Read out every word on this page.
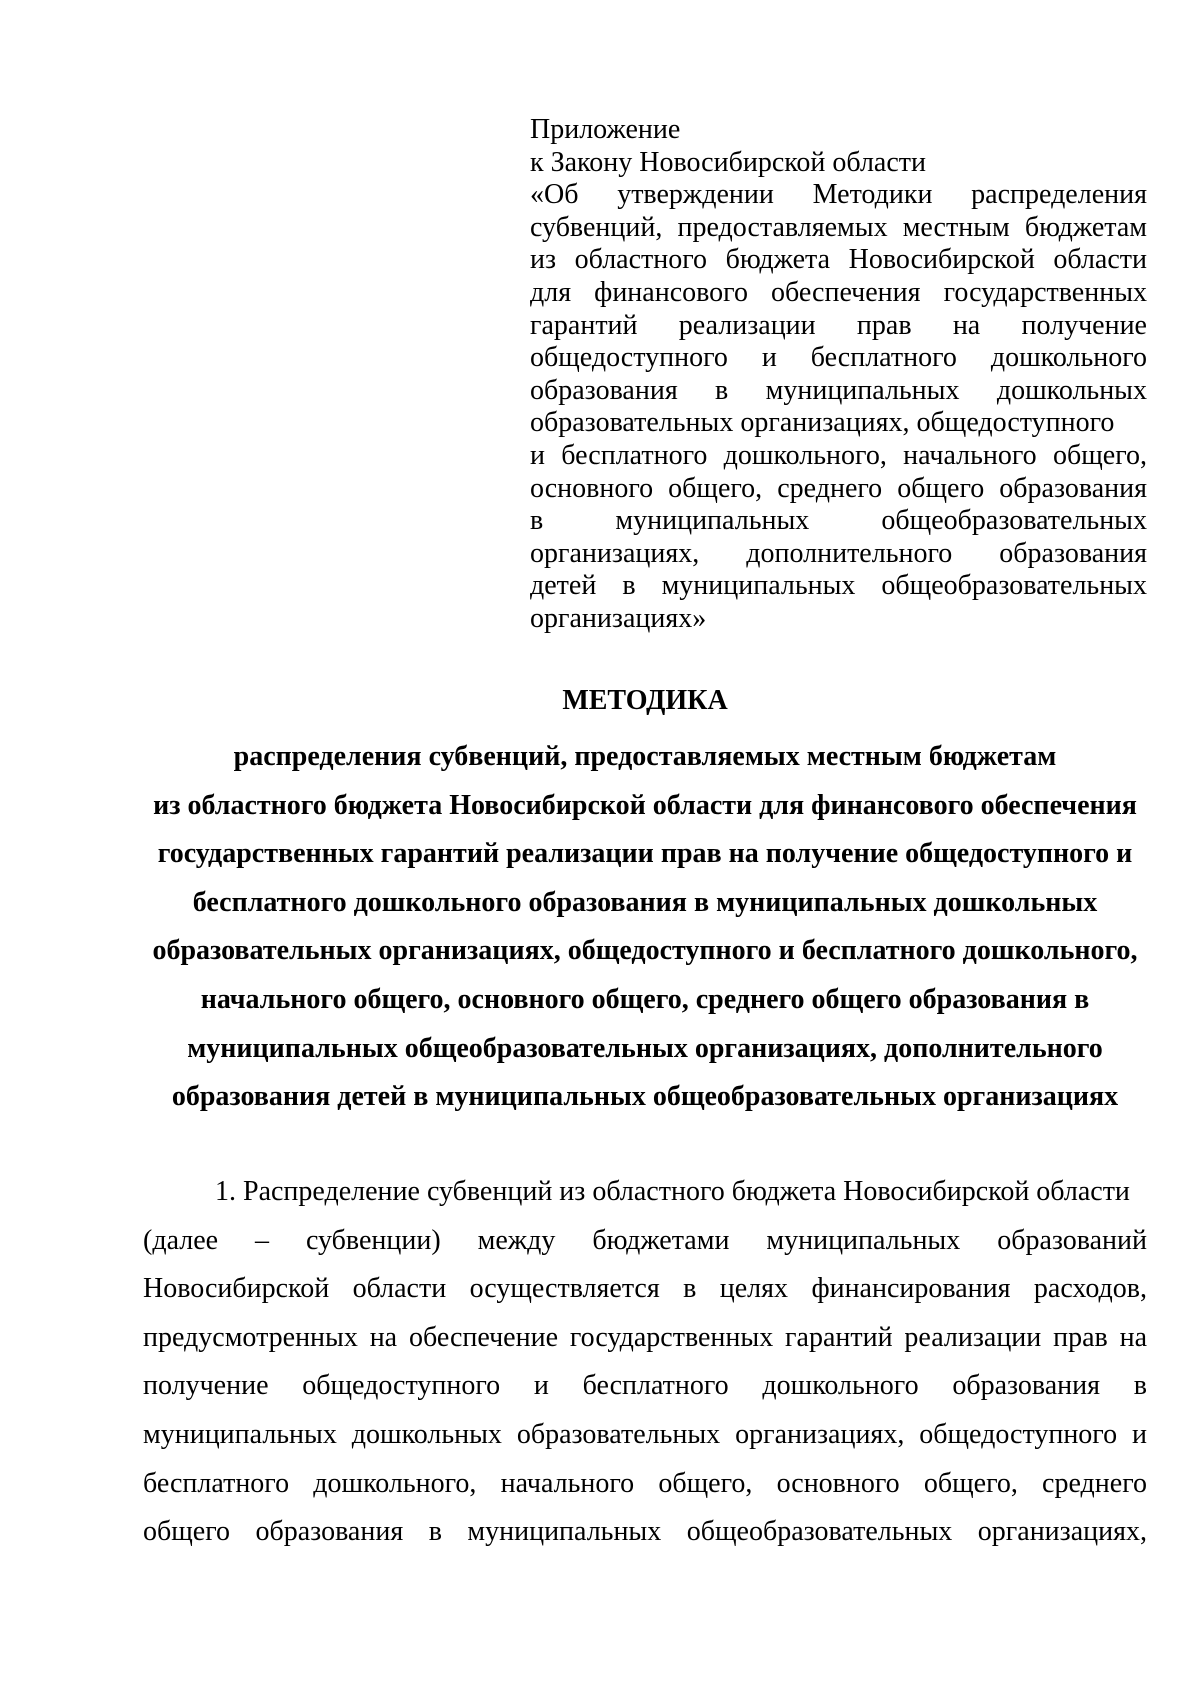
Приложение
к Закону Новосибирской области
«Об утверждении Методики распределения
субвенций, предоставляемых местным бюджетам
из областного бюджета Новосибирской области
для финансового обеспечения государственных
гарантий реализации прав на получение
общедоступного и бесплатного дошкольного
образования в муниципальных дошкольных
образовательных организациях, общедоступного
и бесплатного дошкольного, начального общего,
основного общего, среднего общего образования
в муниципальных общеобразовательных
организациях, дополнительного образования
детей в муниципальных общеобразовательных
организациях»
МЕТОДИКА
распределения субвенций, предоставляемых местным бюджетам
из областного бюджета Новосибирской области для финансового обеспечения
государственных гарантий реализации прав на получение общедоступного и
бесплатного дошкольного образования в муниципальных дошкольных
образовательных организациях, общедоступного и бесплатного дошкольного,
начального общего, основного общего, среднего общего образования в
муниципальных общеобразовательных организациях, дополнительного
образования детей в муниципальных общеобразовательных организациях
1. Распределение субвенций из областного бюджета Новосибирской области
(далее – субвенции) между бюджетами муниципальных образований
Новосибирской области осуществляется в целях финансирования расходов,
предусмотренных на обеспечение государственных гарантий реализации прав на
получение общедоступного и бесплатного дошкольного образования в
муниципальных дошкольных образовательных организациях, общедоступного и
бесплатного дошкольного, начального общего, основного общего, среднего
общего образования в муниципальных общеобразовательных организациях,
